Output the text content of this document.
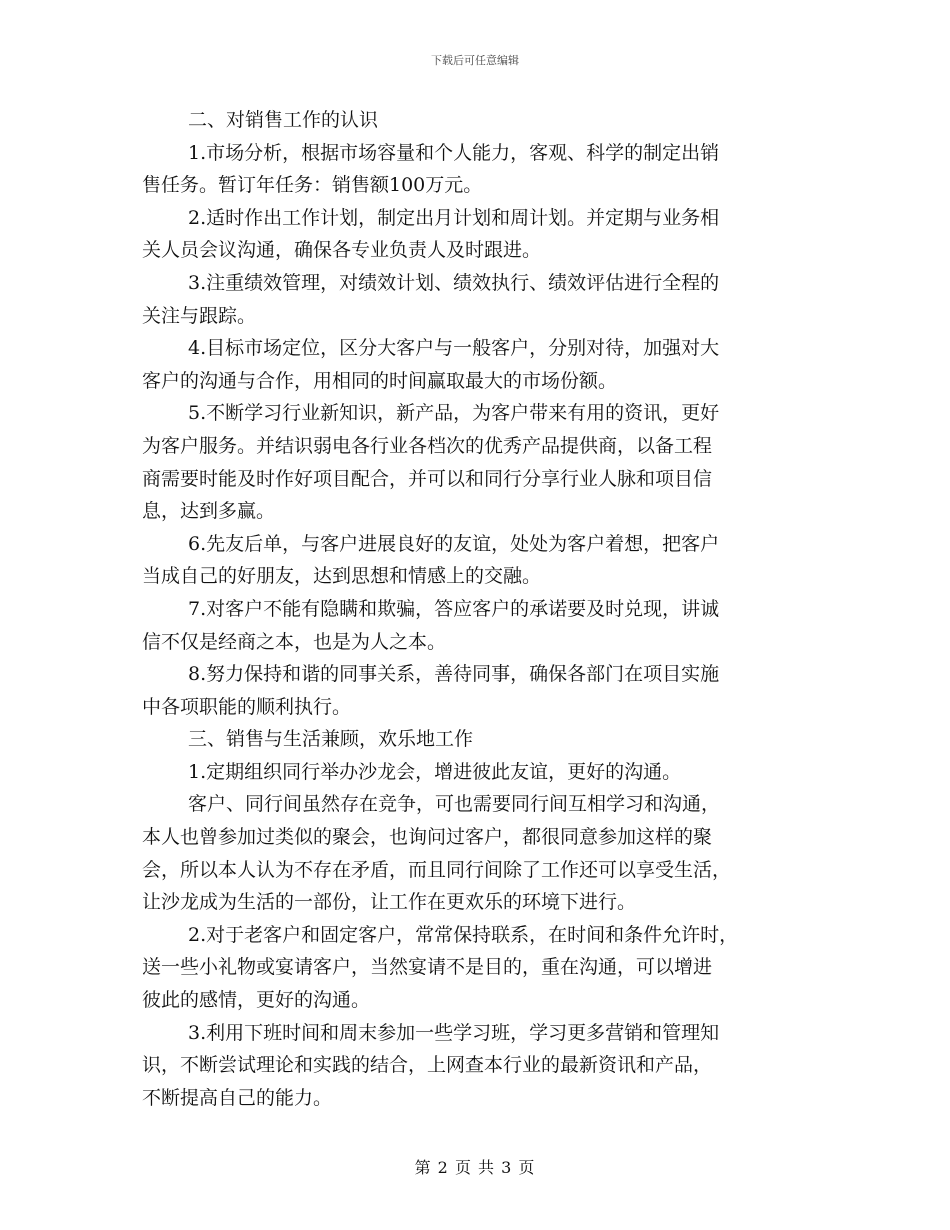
下载后可任意编辑
二、对销售工作的认识
1.市场分析，根据市场容量和个人能力，客观、科学的制定出销
售任务。暂订年任务：销售额100万元。
2.适时作出工作计划，制定出月计划和周计划。并定期与业务相
关人员会议沟通，确保各专业负责人及时跟进。
3.注重绩效管理，对绩效计划、绩效执行、绩效评估进行全程的
关注与跟踪。
4.目标市场定位，区分大客户与一般客户，分别对待，加强对大
客户的沟通与合作，用相同的时间赢取最大的市场份额。
5.不断学习行业新知识，新产品，为客户带来有用的资讯，更好
为客户服务。并结识弱电各行业各档次的优秀产品提供商，以备工程
商需要时能及时作好项目配合，并可以和同行分享行业人脉和项目信
息，达到多赢。
6.先友后单，与客户进展良好的友谊，处处为客户着想，把客户
当成自己的好朋友，达到思想和情感上的交融。
7.对客户不能有隐瞒和欺骗，答应客户的承诺要及时兑现，讲诚
信不仅是经商之本，也是为人之本。
8.努力保持和谐的同事关系，善待同事，确保各部门在项目实施
中各项职能的顺利执行。
三、销售与生活兼顾，欢乐地工作
1.定期组织同行举办沙龙会，增进彼此友谊，更好的沟通。
客户、同行间虽然存在竞争，可也需要同行间互相学习和沟通，
本人也曾参加过类似的聚会，也询问过客户，都很同意参加这样的聚
会，所以本人认为不存在矛盾，而且同行间除了工作还可以享受生活，
让沙龙成为生活的一部份，让工作在更欢乐的环境下进行。
2.对于老客户和固定客户，常常保持联系，在时间和条件允许时，
送一些小礼物或宴请客户，当然宴请不是目的，重在沟通，可以增进
彼此的感情，更好的沟通。
3.利用下班时间和周末参加一些学习班，学习更多营销和管理知
识，不断尝试理论和实践的结合，上网查本行业的最新资讯和产品，
不断提高自己的能力。
第 2 页 共 3 页
